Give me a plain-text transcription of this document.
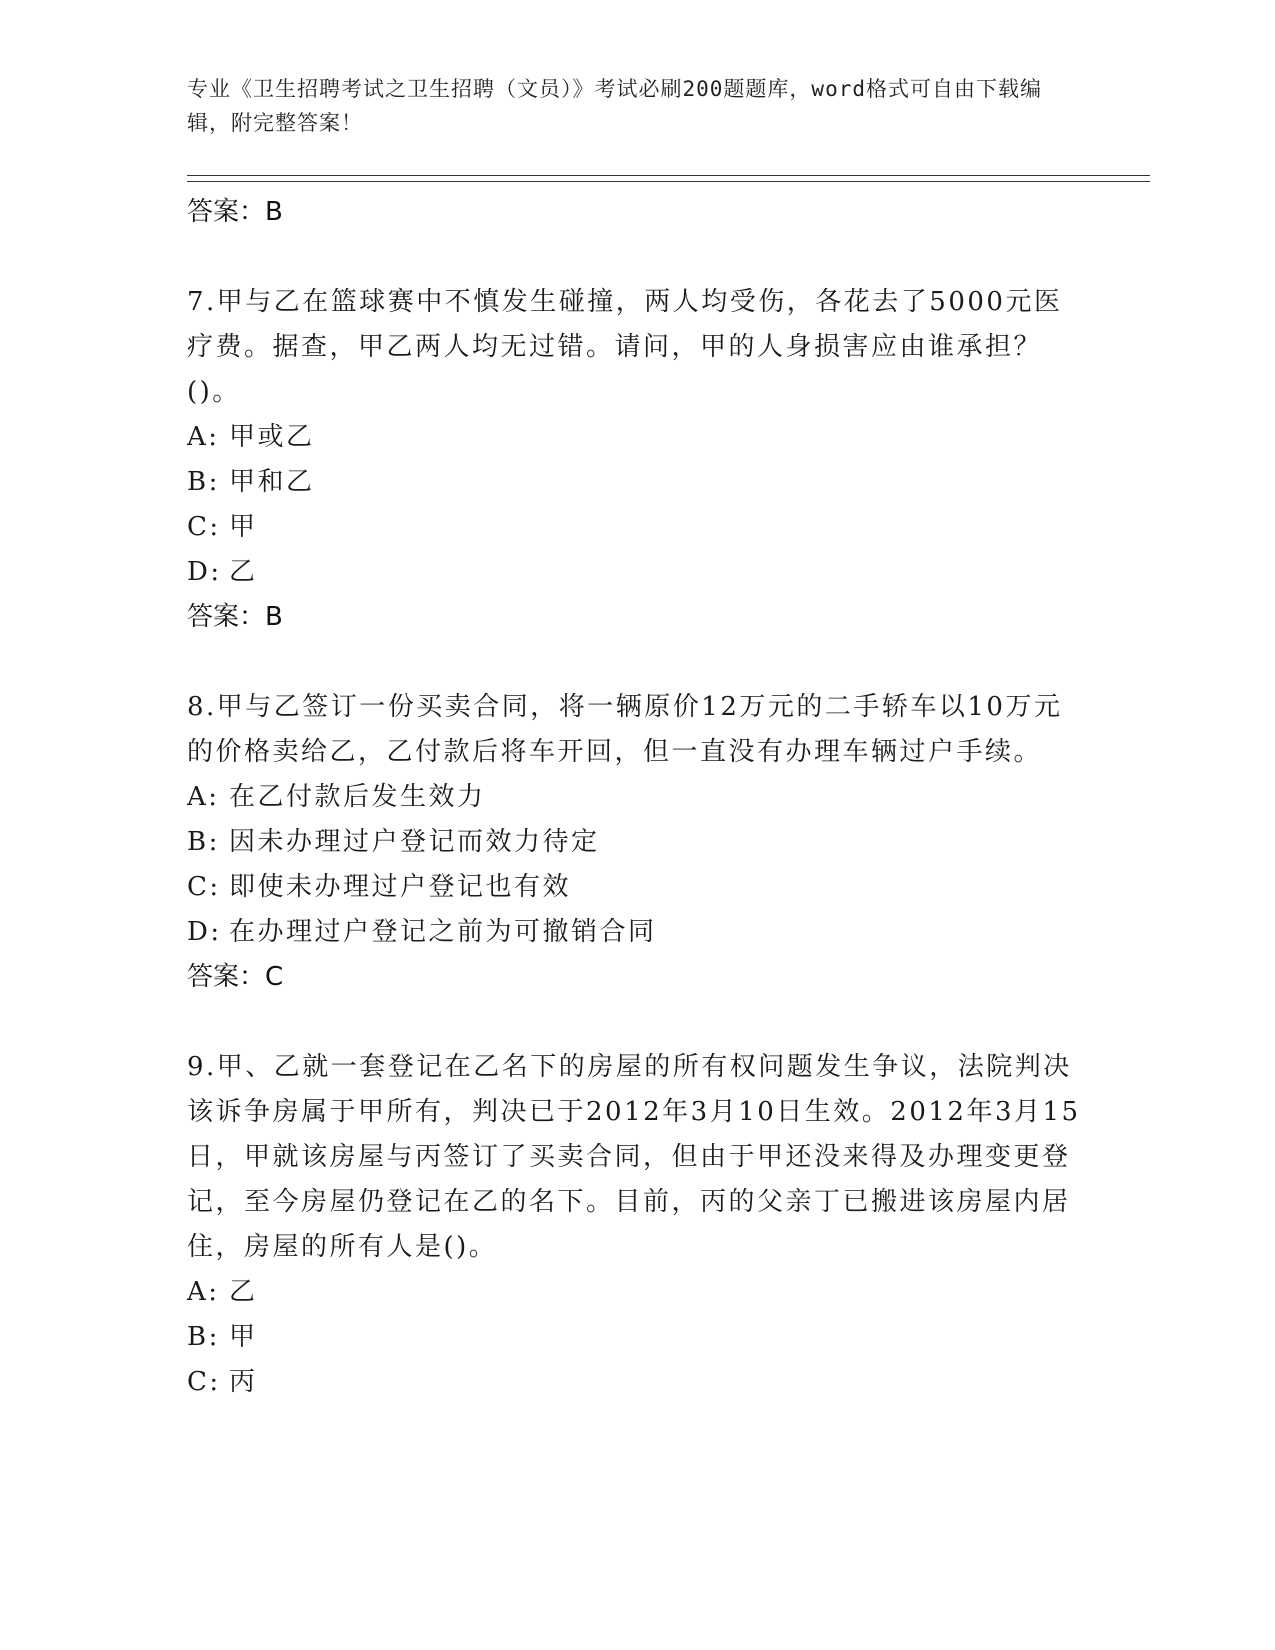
专业《卫生招聘考试之卫生招聘（文员）》考试必刷200题题库，word格式可自由下载编辑，附完整答案！
答案：B
7.甲与乙在篮球赛中不慎发生碰撞，两人均受伤，各花去了5000元医疗费。据查，甲乙两人均无过错。请问，甲的人身损害应由谁承担？()。
A: 甲或乙
B: 甲和乙
C: 甲
D: 乙
答案：B
8.甲与乙签订一份买卖合同，将一辆原价12万元的二手轿车以10万元的价格卖给乙，乙付款后将车开回，但一直没有办理车辆过户手续。
A: 在乙付款后发生效力
B: 因未办理过户登记而效力待定
C: 即使未办理过户登记也有效
D: 在办理过户登记之前为可撤销合同
答案：C
9.甲、乙就一套登记在乙名下的房屋的所有权问题发生争议，法院判决该诉争房属于甲所有，判决已于2012年3月10日生效。2012年3月15日，甲就该房屋与丙签订了买卖合同，但由于甲还没来得及办理变更登记，至今房屋仍登记在乙的名下。目前，丙的父亲丁已搬进该房屋内居住，房屋的所有人是()。
A: 乙
B: 甲
C: 丙
